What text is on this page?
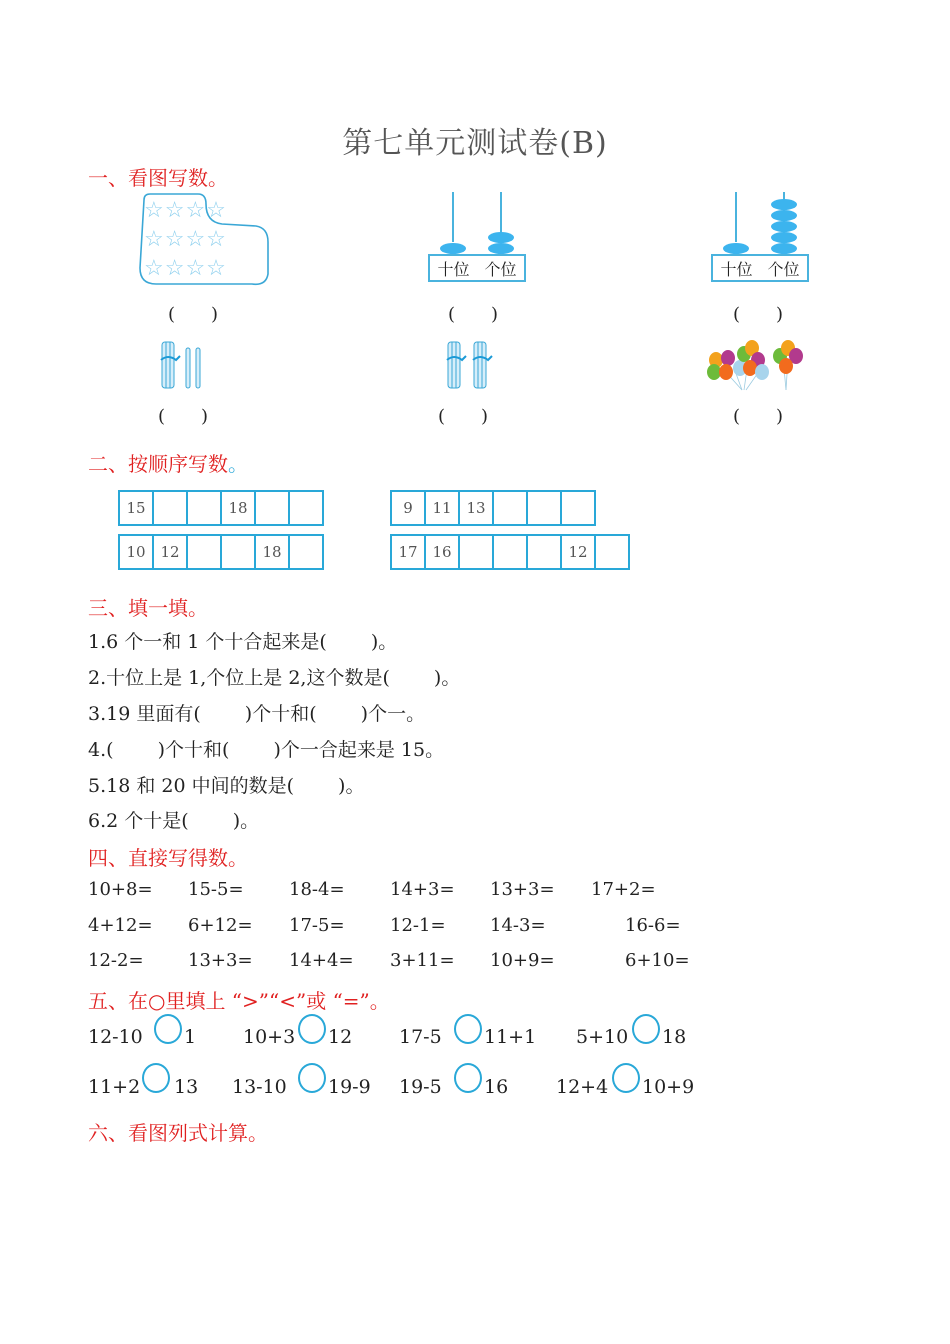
第七单元测试卷(B)
一、看图写数。
☆☆☆☆
☆☆☆☆
☆☆☆☆
(　　)
十位 个位
(　　)
十位 个位
(　　)
(　　)	(　　)	(　　)
二、按顺序写数。
15	18
10 12	18
9	11 13
17 16	12
三、填一填。
1.6 个一和 1 个十合起来是(　　 )。
2.十位上是 1,个位上是 2,这个数是(　　 )。
3.19 里面有(　　 )个十和(　　 )个一。
4.(　　 )个十和(　　 )个一合起来是 15。
5.18 和 20 中间的数是(　　 )。
6.2 个十是(　　 )。
四、直接写得数。
10+8= 15-5=	18-4=	14+3= 13+3= 17+2=
4+12= 6+12= 17-5=	12-1= 14-3=	16-6=
12-2= 13+3= 14+4= 3+11= 10+9=	6+10=
五、在○里填上 “>”“<”或 “=”。
12-10 1 10+3 12 17-5 11+1 5+10 18
11+2 13 13-10 19-9 19-5 16	12+4 10+9
六、看图列式计算。
